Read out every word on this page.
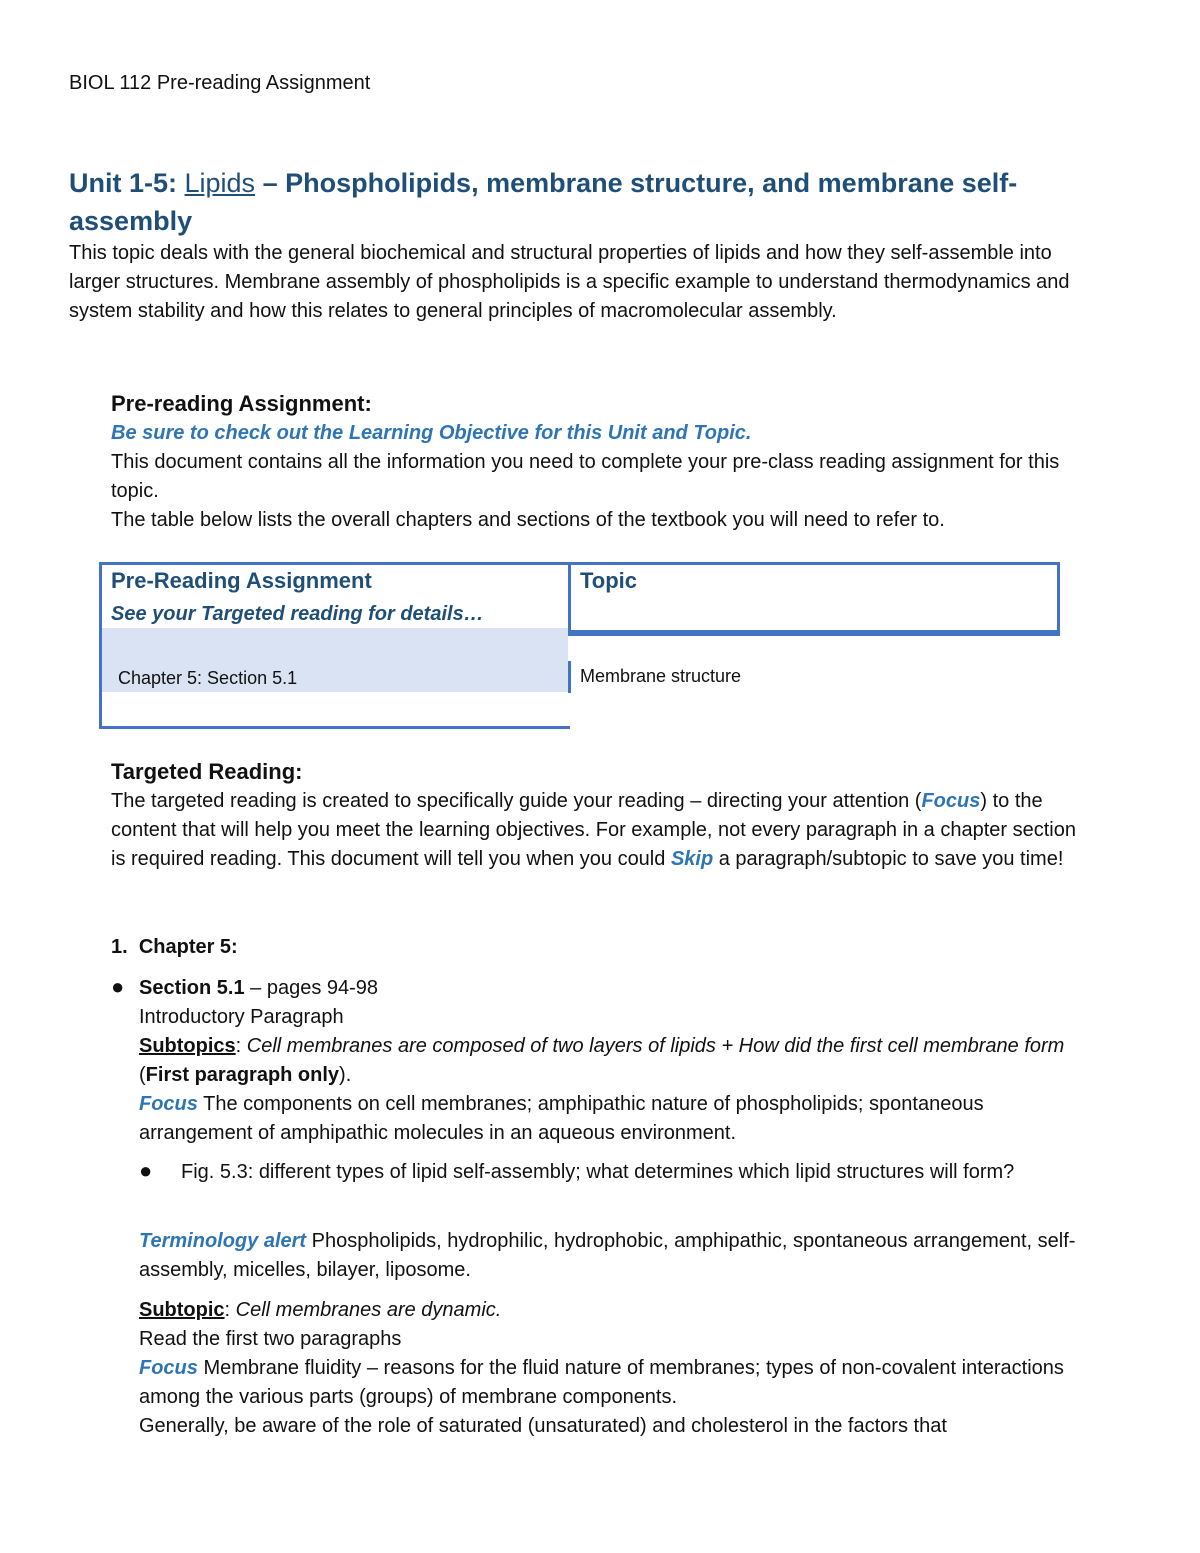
BIOL 112 Pre-reading Assignment
Unit 1-5: Lipids – Phospholipids, membrane structure, and membrane self-assembly

This topic deals with the general biochemical and structural properties of lipids and how they self-assemble into larger structures. Membrane assembly of phospholipids is a specific example to understand thermodynamics and system stability and how this relates to general principles of macromolecular assembly.

Pre-reading Assignment:
Be sure to check out the Learning Objective for this Unit and Topic.
This document contains all the information you need to complete your pre-class reading assignment for this topic.
The table below lists the overall chapters and sections of the textbook you will need to refer to.
Pre-Reading Assignment
See your Targeted reading for details…
Topic
Chapter 5: Section 5.1	Membrane structure
Targeted Reading:

The targeted reading is created to specifically guide your reading – directing your attention (Focus) to the content that will help you meet the learning objectives. For example, not every paragraph in a chapter section is required reading. This document will tell you when you could Skip a paragraph/subtopic to save you time!

1. Chapter 5:
● Section 5.1 – pages 94-98
Introductory Paragraph
Subtopics: Cell membranes are composed of two layers of lipids + How did the first cell membrane form (First paragraph only).
Focus The components on cell membranes; amphipathic nature of phospholipids; spontaneous arrangement of amphipathic molecules in an aqueous environment.
●	Fig. 5.3: different types of lipid self-assembly; what determines which lipid structures will form?
Terminology alert Phospholipids, hydrophilic, hydrophobic, amphipathic, spontaneous arrangement, self-assembly, micelles, bilayer, liposome.
Subtopic: Cell membranes are dynamic.
Read the first two paragraphs
Focus Membrane fluidity – reasons for the fluid nature of membranes; types of non-covalent interactions among the various parts (groups) of membrane components.
Generally, be aware of the role of saturated (unsaturated) and cholesterol in the factors that
